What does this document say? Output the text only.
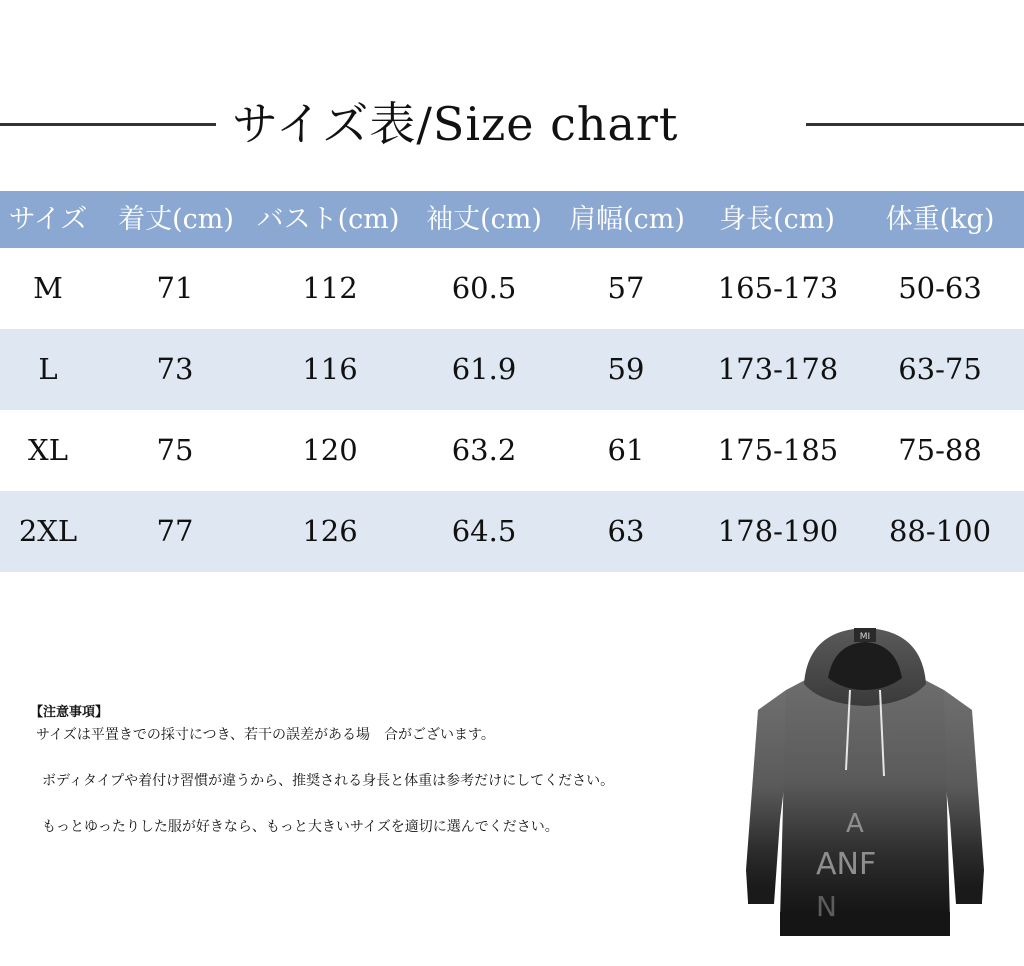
サイズ表/Size chart
サイズ	着丈(cm) バスト(cm) 袖丈(cm)	肩幅(cm)	身長(cm)	体重(kg)
M	71	112	60.5	57	165-173	50-63
L	73	116	61.9	59	173-178	63-75
XL	75	120	63.2	61	175-185	75-88
2XL	77	126	64.5	63	178-190	88-100

【注意事項】

サイズは平置きでの採寸につき、若干の誤差がある場　合がございます。

ボディタイプや着付け習慣が違うから、推奨される身長と体重は参考だけにしてください。

もっとゆったりした服が好きなら、もっと大きいサイズを適切に選んでください。

MI
A
ANF
N
